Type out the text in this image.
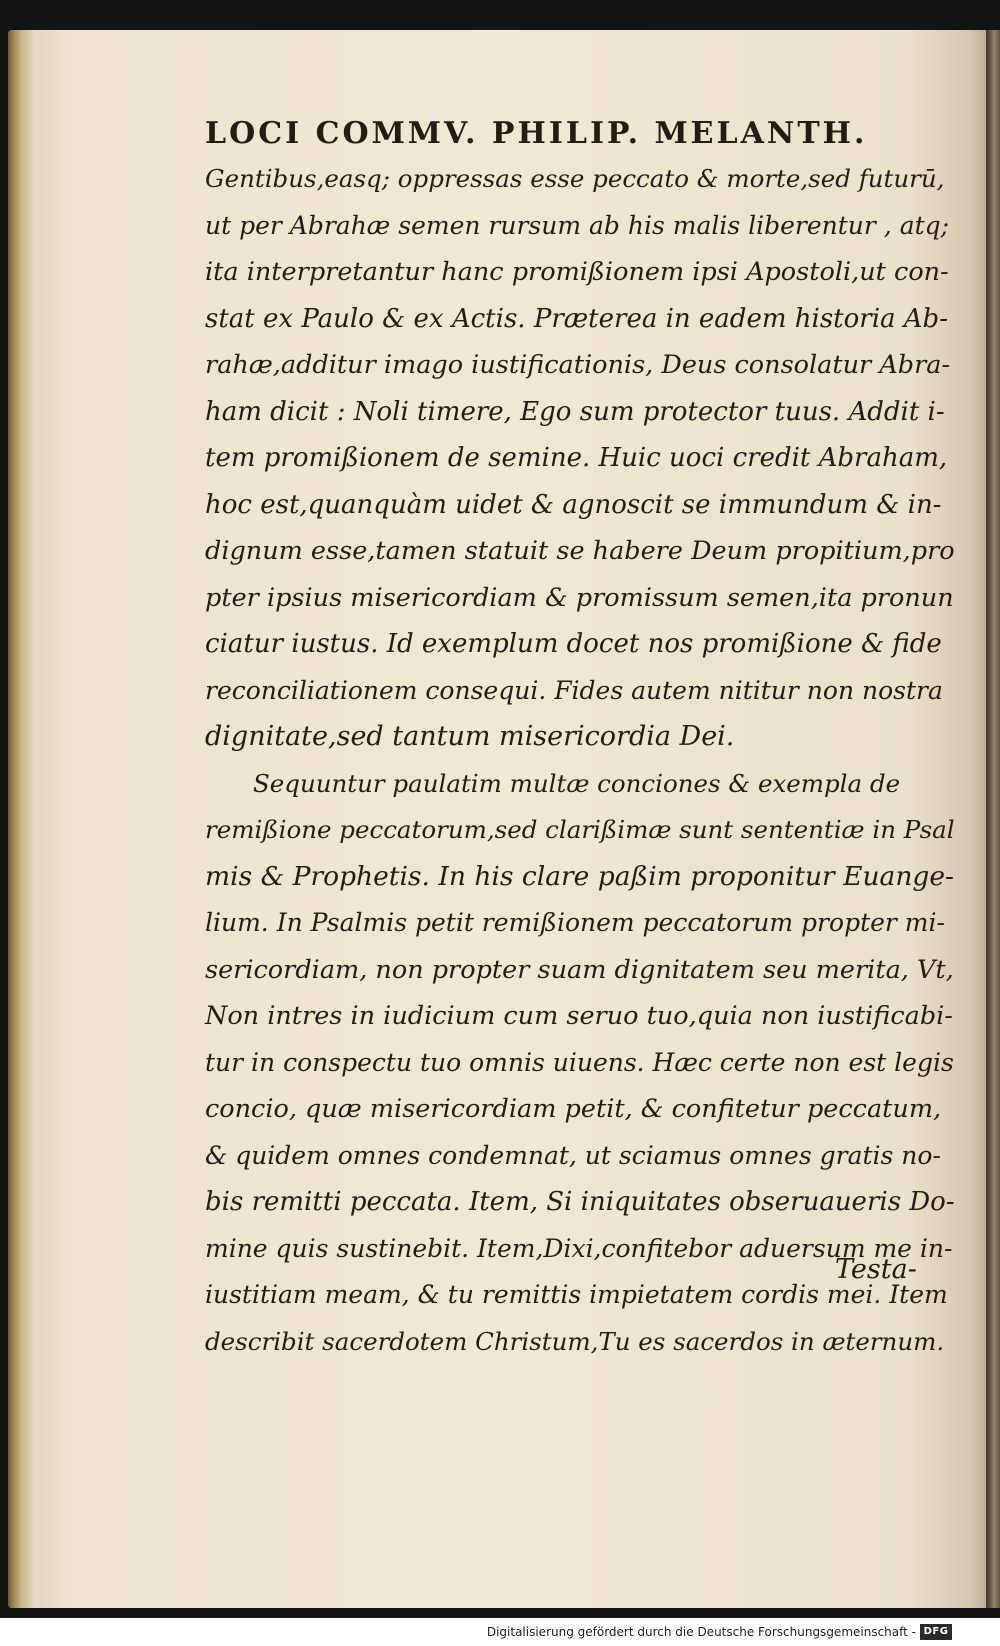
LOCI COMMV. PHILIP. MELANTH.
Gentibus,easq; oppressas esse peccato & morte,sed futurū,
ut per Abrahæ semen rursum ab his malis liberentur , atq;
ita interpretantur hanc promißionem ipsi Apostoli,ut con-
stat ex Paulo & ex Actis. Præterea in eadem historia Ab-
rahæ,additur imago iustificationis, Deus consolatur Abra-
ham dicit : Noli timere, Ego sum protector tuus. Addit i-
tem promißionem de semine. Huic uoci credit Abraham,
hoc est,quanquàm uidet & agnoscit se immundum & in-
dignum esse,tamen statuit se habere Deum propitium,pro
pter ipsius misericordiam & promissum semen,ita pronun
ciatur iustus. Id exemplum docet nos promißione & fide
reconciliationem consequi. Fides autem nititur non nostra
dignitate,sed tantum misericordia Dei.
Sequuntur paulatim multæ conciones & exempla de
remißione peccatorum,sed clarißimæ sunt sententiæ in Psal
mis & Prophetis. In his clare paßim proponitur Euange-
lium. In Psalmis petit remißionem peccatorum propter mi-
sericordiam, non propter suam dignitatem seu merita, Vt,
Non intres in iudicium cum seruo tuo,quia non iustificabi-
tur in conspectu tuo omnis uiuens. Hæc certe non est legis
concio, quæ misericordiam petit, & confitetur peccatum,
& quidem omnes condemnat, ut sciamus omnes gratis no-
bis remitti peccata. Item, Si iniquitates obseruaueris Do-
mine quis sustinebit. Item,Dixi,confitebor aduersum me in-
iustitiam meam, & tu remittis impietatem cordis mei. Item
describit sacerdotem Christum,Tu es sacerdos in æternum.
Testa-
Digitalisierung gefördert durch die Deutsche Forschungsgemeinschaft - DFG
